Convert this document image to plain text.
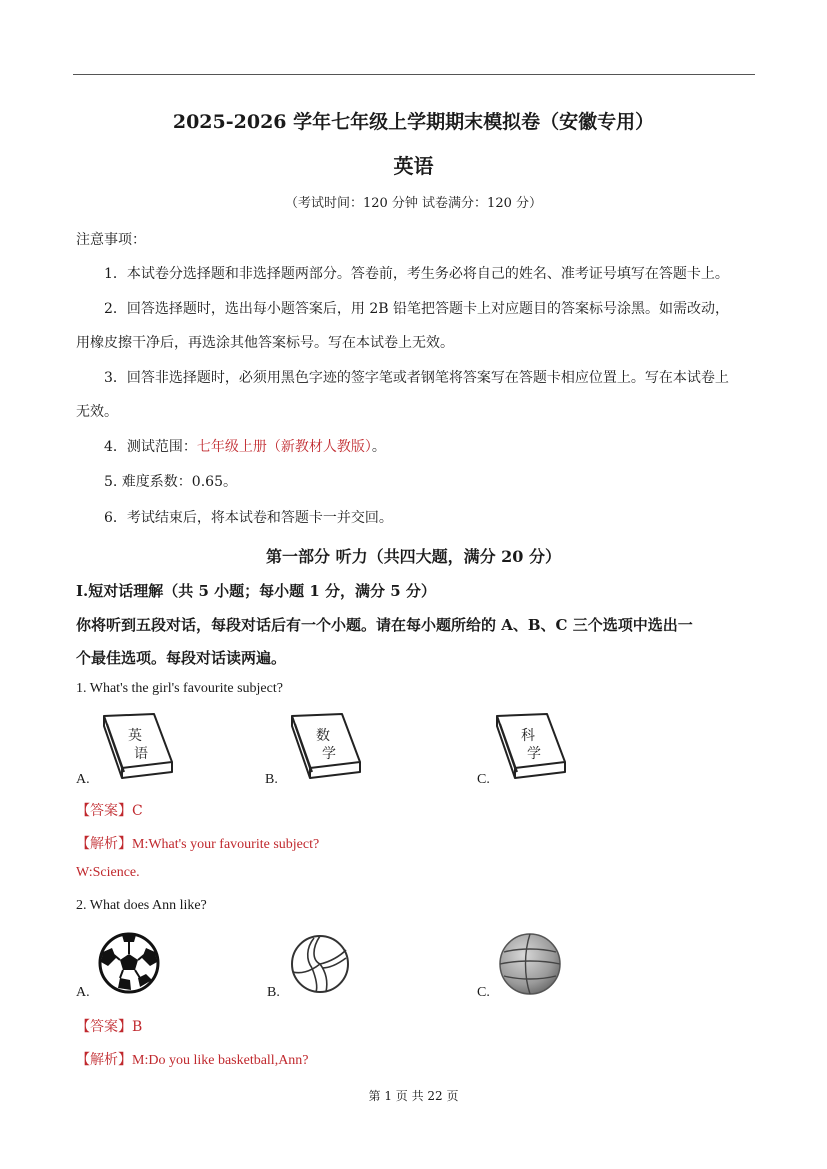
2025-2026 学年七年级上学期期末模拟卷（安徽专用）
英语
（考试时间：120 分钟 试卷满分：120 分）
注意事项：
1．本试卷分选择题和非选择题两部分。答卷前，考生务必将自己的姓名、准考证号填写在答题卡上。
2．回答选择题时，选出每小题答案后，用 2B 铅笔把答题卡上对应题目的答案标号涂黑。如需改动，
用橡皮擦干净后，再选涂其他答案标号。写在本试卷上无效。
3．回答非选择题时，必须用黑色字迹的签字笔或者钢笔将答案写在答题卡相应位置上。写在本试卷上
无效。
4．测试范围：七年级上册（新教材人教版）。
5. 难度系数：0.65。
6．考试结束后，将本试卷和答题卡一并交回。
第一部分 听力（共四大题，满分 20 分）
I.短对话理解（共 5 小题；每小题 1 分，满分 5 分）
你将听到五段对话，每段对话后有一个小题。请在每小题所给的 A、B、C 三个选项中选出一
个最佳选项。每段对话读两遍。
1. What's the girl's favourite subject?
英
语
A.
数
学
B.
科
学
C.
【答案】C
【解析】M:What's your favourite subject?
W:Science.
2. What does Ann like?
A.	B.	C.
【答案】B
【解析】M:Do you like basketball,Ann?
第 1 页 共 22 页
